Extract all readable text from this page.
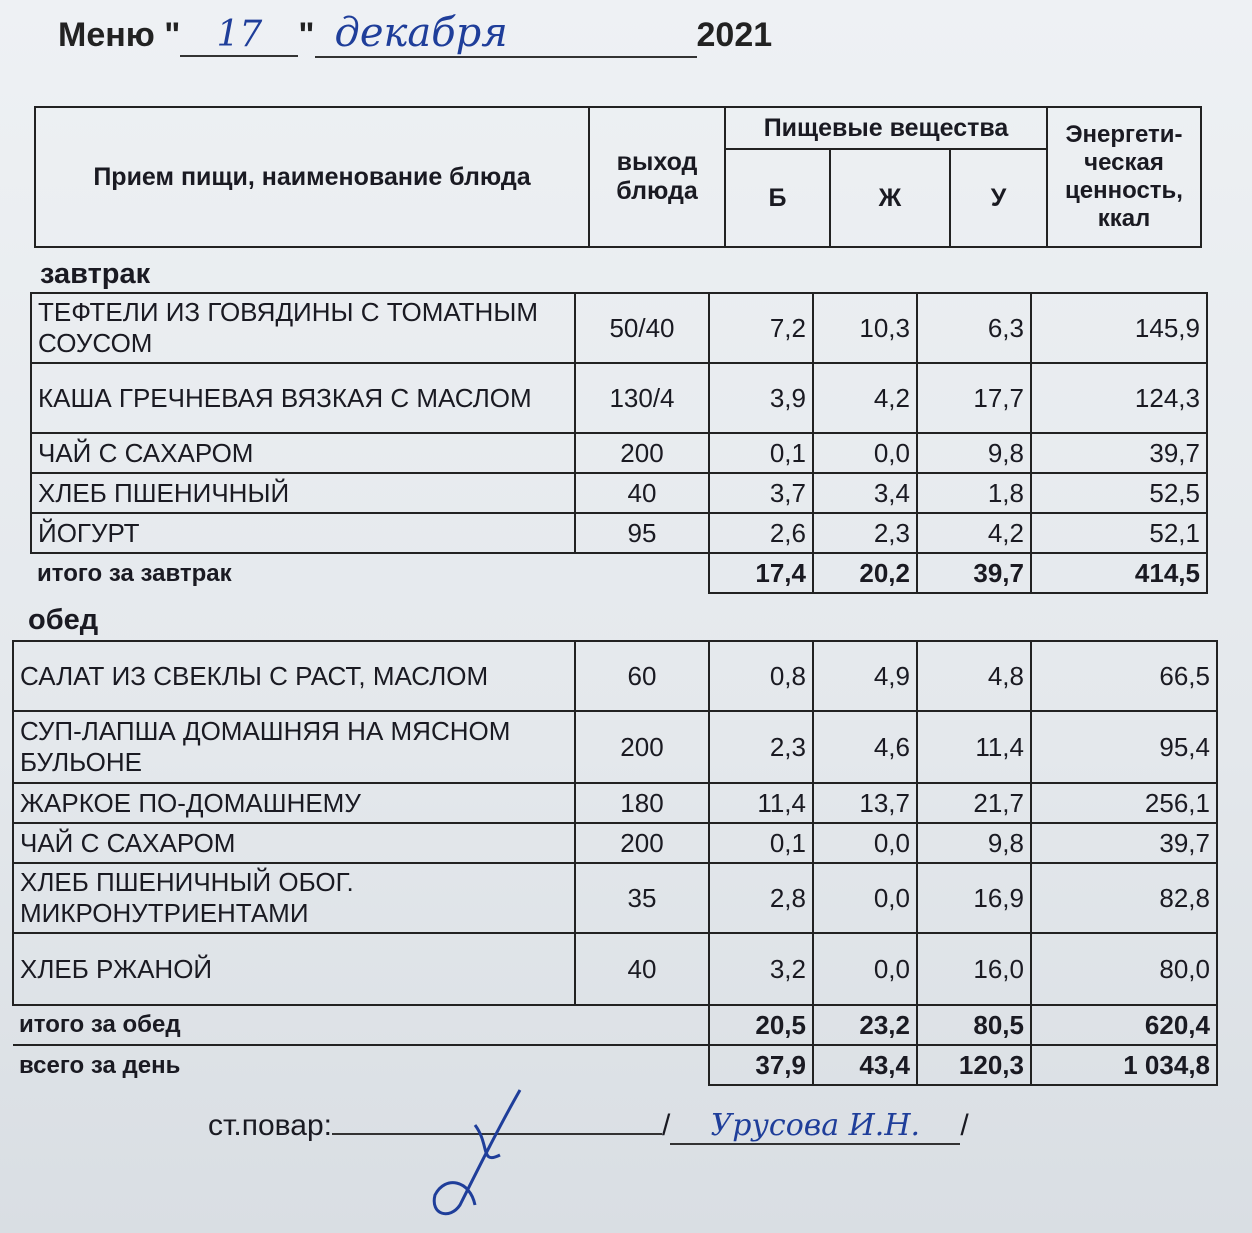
Меню " 17 " декабря	2021
Прием пищи, наименование блюда	выход блюда	Пищевые вещества			Энергети-ческая ценность, ккал
		Б	Ж	У	
завтрак
ТЕФТЕЛИ ИЗ ГОВЯДИНЫ С ТОМАТНЫМ СОУСОМ	50/40	7,2	10,3	6,3	145,9
КАША ГРЕЧНЕВАЯ ВЯЗКАЯ С МАСЛОМ	130/4	3,9	4,2	17,7	124,3
ЧАЙ С САХАРОМ	200	0,1	0,0	9,8	39,7
ХЛЕБ ПШЕНИЧНЫЙ	40	3,7	3,4	1,8	52,5
ЙОГУРТ	95	2,6	2,3	4,2	52,1
итого за завтрак		17,4	20,2	39,7	414,5
обед
САЛАТ ИЗ СВЕКЛЫ С РАСТ, МАСЛОМ	60	0,8	4,9	4,8	66,5
СУП-ЛАПША ДОМАШНЯЯ НА МЯСНОМ БУЛЬОНЕ	200	2,3	4,6	11,4	95,4
ЖАРКОЕ ПО-ДОМАШНЕМУ	180	11,4	13,7	21,7	256,1
ЧАЙ С САХАРОМ	200	0,1	0,0	9,8	39,7
ХЛЕБ ПШЕНИЧНЫЙ ОБОГ. МИКРОНУТРИЕНТАМИ	35	2,8	0,0	16,9	82,8
ХЛЕБ РЖАНОЙ	40	3,2	0,0	16,0	80,0
итого за обед		20,5	23,2	80,5	620,4
всего за день		37,9	43,4	120,3	1 034,8
ст.повар:	/ Урусова И.Н. /
